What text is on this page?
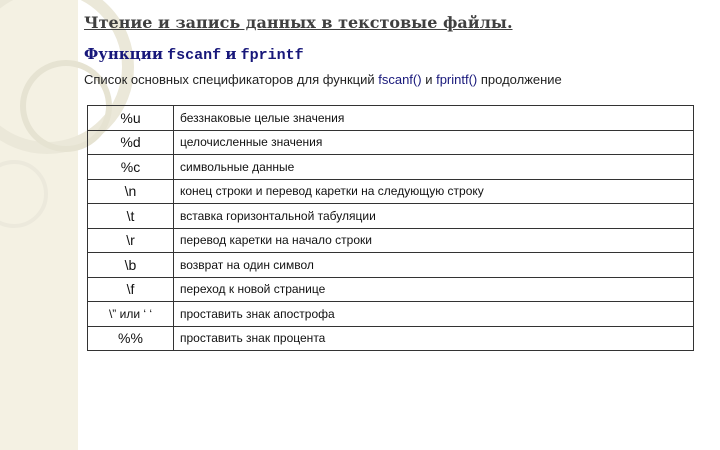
Чтение и запись данных в текстовые файлы.
Функции fscanf и fprintf
Список основных спецификаторов для функций fscanf() и fprintf() продолжение
%u	беззнаковые целые значения
%d	целочисленные значения
%c	символьные данные
\n	конец строки и перевод каретки на следующую строку
\t	вставка горизонтальной табуляции
\r	перевод каретки на начало строки
\b	возврат на один символ
\f	переход к новой странице
\” или ‘ ‘	проставить знак апострофа
%%	проставить знак процента
